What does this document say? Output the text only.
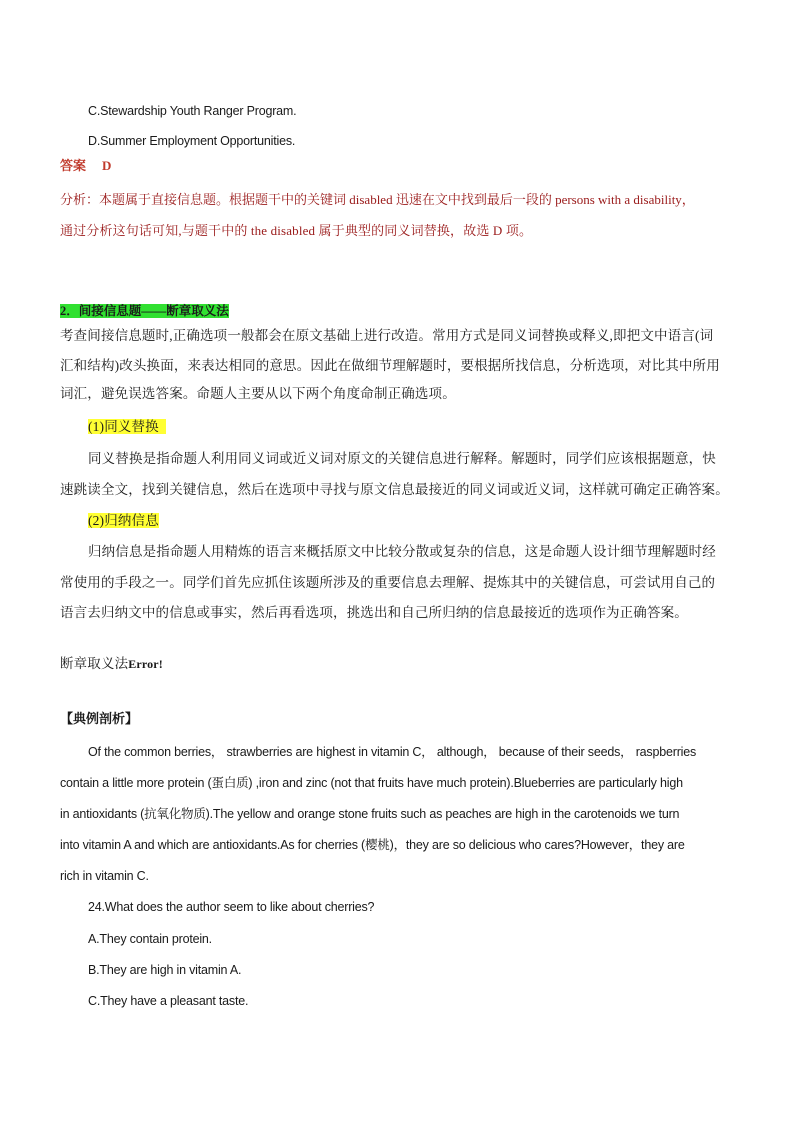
C.Stewardship Youth Ranger Program.
D.Summer Employment Opportunities.
答案 D
分析：本题属于直接信息题。根据题干中的关键词 disabled 迅速在文中找到最后一段的 persons with a disability，
通过分析这句话可知,与题干中的 the disabled 属于典型的同义词替换，故选 D 项。
2．间接信息题——断章取义法
考查间接信息题时,正确选项一般都会在原文基础上进行改造。常用方式是同义词替换或释义,即把文中语言(词
汇和结构)改头换面，来表达相同的意思。因此在做细节理解题时，要根据所找信息，分析选项，对比其中所用
词汇，避免误选答案。命题人主要从以下两个角度命制正确选项。
(1)同义替换
同义替换是指命题人利用同义词或近义词对原文的关键信息进行解释。解题时，同学们应该根据题意，快
速跳读全文，找到关键信息，然后在选项中寻找与原文信息最接近的同义词或近义词，这样就可确定正确答案。
(2)归纳信息
归纳信息是指命题人用精炼的语言来概括原文中比较分散或复杂的信息，这是命题人设计细节理解题时经
常使用的手段之一。同学们首先应抓住该题所涉及的重要信息去理解、提炼其中的关键信息，可尝试用自己的
语言去归纳文中的信息或事实，然后再看选项，挑选出和自己所归纳的信息最接近的选项作为正确答案。
断章取义法Error!
【典例剖析】
Of the common berries， strawberries are highest in vitamin C， although， because of their seeds， raspberries
contain a little more protein (蛋白质) ,iron and zinc (not that fruits have much protein).Blueberries are particularly high
in antioxidants (抗氧化物质).The yellow and orange stone fruits such as peaches are high in the carotenoids we turn
into vitamin A and which are antioxidants.As for cherries (樱桃)，they are so delicious who cares?However，they are
rich in vitamin C.
24.What does the author seem to like about cherries?
A.They contain protein.
B.They are high in vitamin A.
C.They have a pleasant taste.
